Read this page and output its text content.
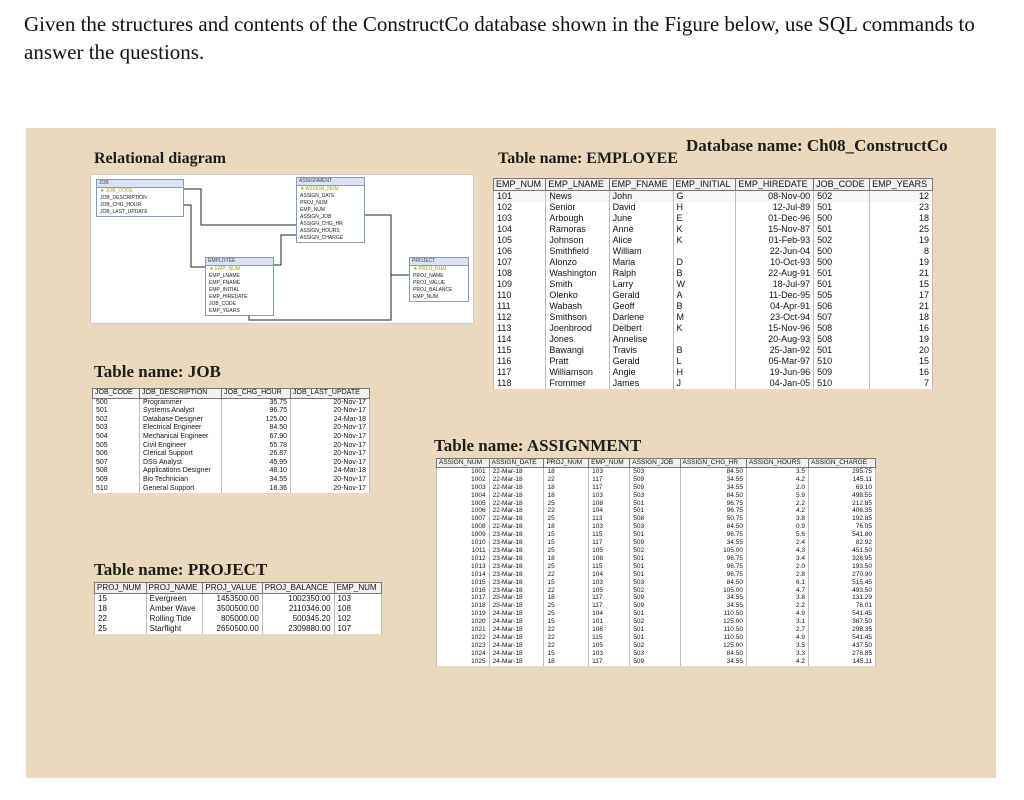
Given the structures and contents of the ConstructCo database shown in the Figure below, use SQL commands to answer the questions.
Database name: Ch08_ConstructCo
Relational diagram	Table name: EMPLOYEE
JOB
★ JOB_CODE
JOB_DESCRIPTION
JOB_CHG_HOUR
JOB_LAST_UPDATE
ASSIGNMENT
★ ASSIGN_NUM
ASSIGN_DATE
PROJ_NUM
EMP_NUM
ASSIGN_JOB
ASSIGN_CHG_HR
ASSIGN_HOURS
ASSIGN_CHARGE
EMPLOYEE
★ EMP_NUM
EMP_LNAME
EMP_FNAME
EMP_INITIAL
EMP_HIREDATE
JOB_CODE
EMP_YEARS
PROJECT
★ PROJ_NUM
PROJ_NAME
PROJ_VALUE
PROJ_BALANCE
EMP_NUM
EMP_NUM	EMP_LNAME	EMP_FNAME	EMP_INITIAL	EMP_HIREDATE	JOB_CODE	EMP_YEARS
101	News	John	G	08-Nov-00	502	12
102	Senior	David	H	12-Jul-89	501	23
103	Arbough	June	E	01-Dec-96	500	18
104	Ramoras	Anne	K	15-Nov-87	501	25
105	Johnson	Alice	K	01-Feb-93	502	19
106	Smithfield	William		22-Jun-04	500	8
107	Alonzo	Maria	D	10-Oct-93	500	19
108	Washington	Ralph	B	22-Aug-91	501	21
109	Smith	Larry	W	18-Jul-97	501	15
110	Olenko	Gerald	A	11-Dec-95	505	17
111	Wabash	Geoff	B	04-Apr-91	506	21
112	Smithson	Darlene	M	23-Oct-94	507	18
113	Joenbrood	Delbert	K	15-Nov-96	508	16
114	Jones	Annelise		20-Aug-93	508	19
115	Bawangi	Travis	B	25-Jan-92	501	20
116	Pratt	Gerald	L	05-Mar-97	510	15
117	Williamson	Angie	H	19-Jun-96	509	16
118	Frommer	James	J	04-Jan-05	510	7
Table name: JOB
JOB_CODE	JOB_DESCRIPTION	JOB_CHG_HOUR	JOB_LAST_UPDATE
500	Programmer	35.75	20-Nov-17
501	Systems Analyst	96.75	20-Nov-17
502	Database Designer	125.00	24-Mar-18
503	Electrical Engineer	84.50	20-Nov-17
504	Mechanical Engineer	67.90	20-Nov-17
505	Civil Engineer	55.78	20-Nov-17
506	Clerical Support	26.87	20-Nov-17
507	DSS Analyst	45.95	20-Nov-17
508	Applications Designer	48.10	24-Mar-18
509	Bio Technician	34.55	20-Nov-17
510	General Support	18.36	20-Nov-17
Table name: ASSIGNMENT
ASSIGN_NUM	ASSIGN_DATE	PROJ_NUM	EMP_NUM	ASSIGN_JOB	ASSIGN_CHG_HR	ASSIGN_HOURS	ASSIGN_CHARGE
1001	22-Mar-18	18	103	503	84.50	3.5	295.75
1002	22-Mar-18	22	117	509	34.55	4.2	145.11
1003	22-Mar-18	18	117	509	34.55	2.0	69.10
1004	22-Mar-18	18	103	503	84.50	5.9	498.55
1005	22-Mar-18	25	108	501	96.75	2.2	212.85
1006	22-Mar-18	22	104	501	96.75	4.2	406.35
1007	22-Mar-18	25	113	508	50.75	3.8	192.85
1008	22-Mar-18	18	103	503	84.50	0.9	76.05
1009	23-Mar-18	15	115	501	96.75	5.6	541.80
1010	23-Mar-18	15	117	509	34.55	2.4	82.92
1011	23-Mar-18	25	105	502	105.00	4.3	451.50
1012	23-Mar-18	18	108	501	96.75	3.4	328.95
1013	23-Mar-18	25	115	501	96.75	2.0	193.50
1014	23-Mar-18	22	104	501	96.75	2.8	270.90
1015	23-Mar-18	15	103	503	84.50	6.1	515.45
1016	23-Mar-18	22	105	502	105.00	4.7	493.50
1017	23-Mar-18	18	117	509	34.55	3.8	131.29
1018	23-Mar-18	25	117	509	34.55	2.2	76.01
1019	24-Mar-18	25	104	501	110.50	4.9	541.45
1020	24-Mar-18	15	101	502	125.00	3.1	387.50
1021	24-Mar-18	22	108	501	110.50	2.7	298.35
1022	24-Mar-18	22	115	501	110.50	4.9	541.45
1023	24-Mar-18	22	105	502	125.00	3.5	437.50
1024	24-Mar-18	15	103	503	84.50	3.3	278.85
1025	24-Mar-18	18	117	509	34.55	4.2	145.11
Table name: PROJECT
PROJ_NUM	PROJ_NAME	PROJ_VALUE	PROJ_BALANCE	EMP_NUM
15	Evergreen	1453500.00	1002350.00	103
18	Amber Wave	3500500.00	2110346.00	108
22	Rolling Tide	805000.00	500345.20	102
25	Starflight	2650500.00	2309880.00	107
